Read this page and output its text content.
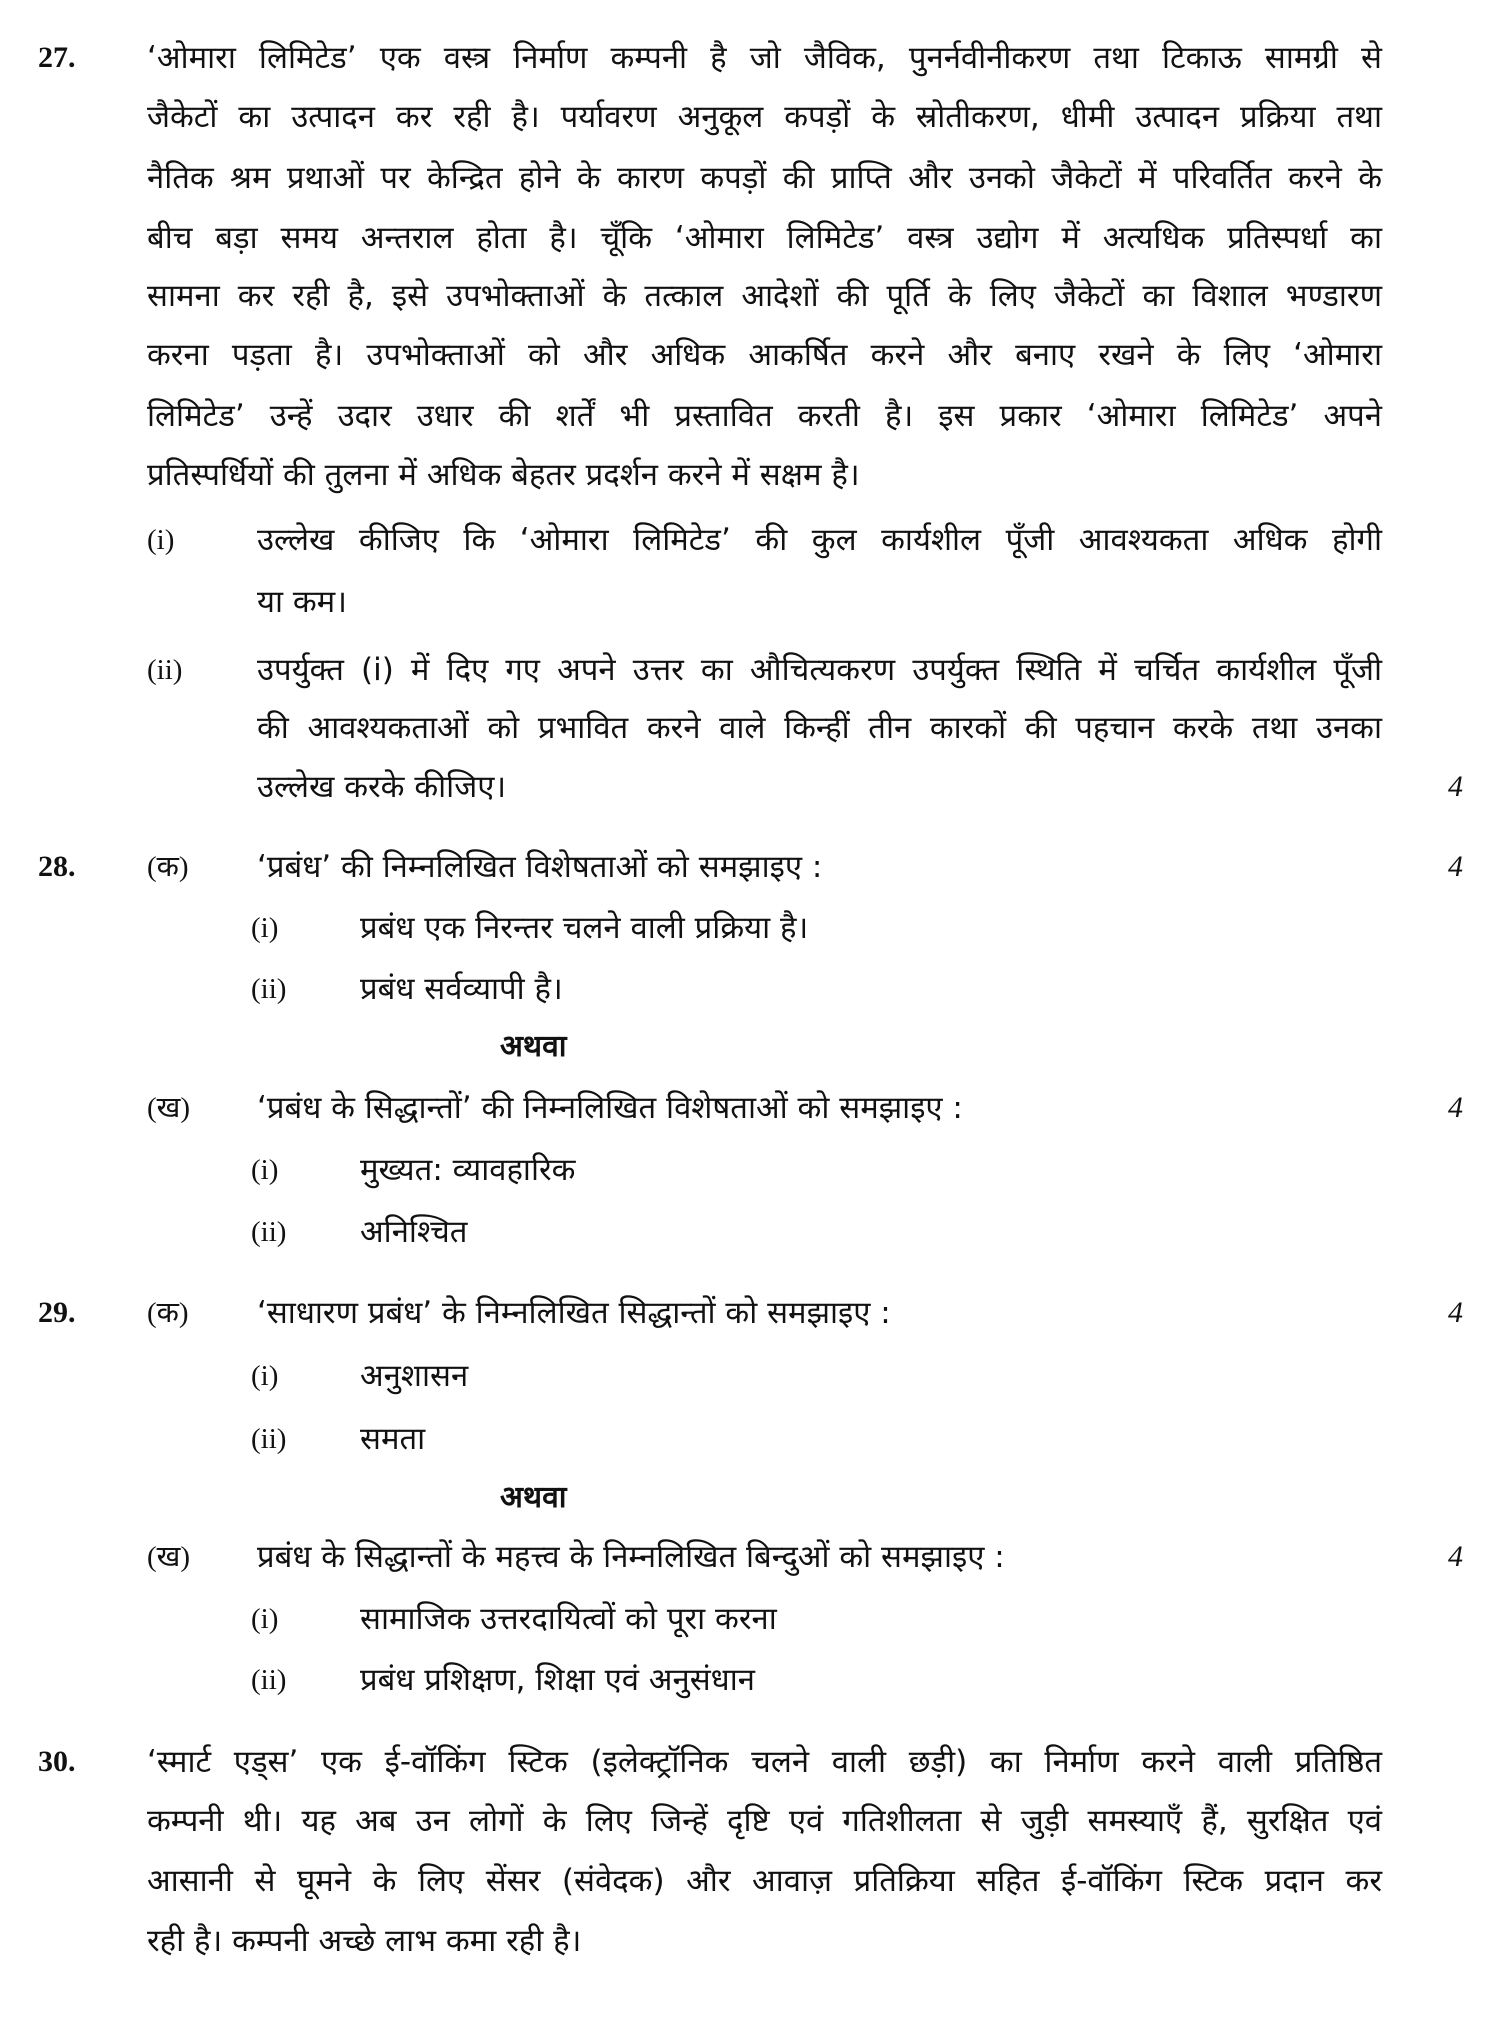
27. ‘ओमारा लिमिटेड’ एक वस्त्र निर्माण कम्पनी है जो जैविक, पुनर्नवीनीकरण तथा टिकाऊ सामग्री से
जैकेटों का उत्पादन कर रही है। पर्यावरण अनुकूल कपड़ों के स्रोतीकरण, धीमी उत्पादन प्रक्रिया तथा
नैतिक श्रम प्रथाओं पर केन्द्रित होने के कारण कपड़ों की प्राप्ति और उनको जैकेटों में परिवर्तित करने के
बीच बड़ा समय अन्तराल होता है। चूँकि ‘ओमारा लिमिटेड’ वस्त्र उद्योग में अत्यधिक प्रतिस्पर्धा का
सामना कर रही है, इसे उपभोक्ताओं के तत्काल आदेशों की पूर्ति के लिए जैकेटों का विशाल भण्डारण
करना पड़ता है। उपभोक्ताओं को और अधिक आकर्षित करने और बनाए रखने के लिए ‘ओमारा
लिमिटेड’ उन्हें उदार उधार की शर्तें भी प्रस्तावित करती है। इस प्रकार ‘ओमारा लिमिटेड’ अपने
प्रतिस्पर्धियों की तुलना में अधिक बेहतर प्रदर्शन करने में सक्षम है।
(i)	उल्लेख कीजिए कि ‘ओमारा लिमिटेड’ की कुल कार्यशील पूँजी आवश्यकता अधिक होगी
या कम।
(ii) उपर्युक्त (i) में दिए गए अपने उत्तर का औचित्यकरण उपर्युक्त स्थिति में चर्चित कार्यशील पूँजी
की आवश्यकताओं को प्रभावित करने वाले किन्हीं तीन कारकों की पहचान करके तथा उनका
उल्लेख करके कीजिए।	4
28. (क) ‘प्रबंध’ की निम्नलिखित विशेषताओं को समझाइए :	4
(i)	प्रबंध एक निरन्तर चलने वाली प्रक्रिया है।
(ii) प्रबंध सर्वव्यापी है।
अथवा
(ख) ‘प्रबंध के सिद्धान्तों’ की निम्नलिखित विशेषताओं को समझाइए :	4
(i)	मुख्यत: व्यावहारिक
(ii) अनिश्चित
29. (क) ‘साधारण प्रबंध’ के निम्नलिखित सिद्धान्तों को समझाइए :	4
(i)	अनुशासन
(ii) समता
अथवा
(ख) प्रबंध के सिद्धान्तों के महत्त्व के निम्नलिखित बिन्दुओं को समझाइए :	4
(i)	सामाजिक उत्तरदायित्वों को पूरा करना
(ii) प्रबंध प्रशिक्षण, शिक्षा एवं अनुसंधान
30. ‘स्मार्ट एड्स’ एक ई-वॉकिंग स्टिक (इलेक्ट्रॉनिक चलने वाली छड़ी) का निर्माण करने वाली प्रतिष्ठित
कम्पनी थी। यह अब उन लोगों के लिए जिन्हें दृष्टि एवं गतिशीलता से जुड़ी समस्याएँ हैं, सुरक्षित एवं
आसानी से घूमने के लिए सेंसर (संवेदक) और आवाज़ प्रतिक्रिया सहित ई-वॉकिंग स्टिक प्रदान कर
रही है। कम्पनी अच्छे लाभ कमा रही है।
